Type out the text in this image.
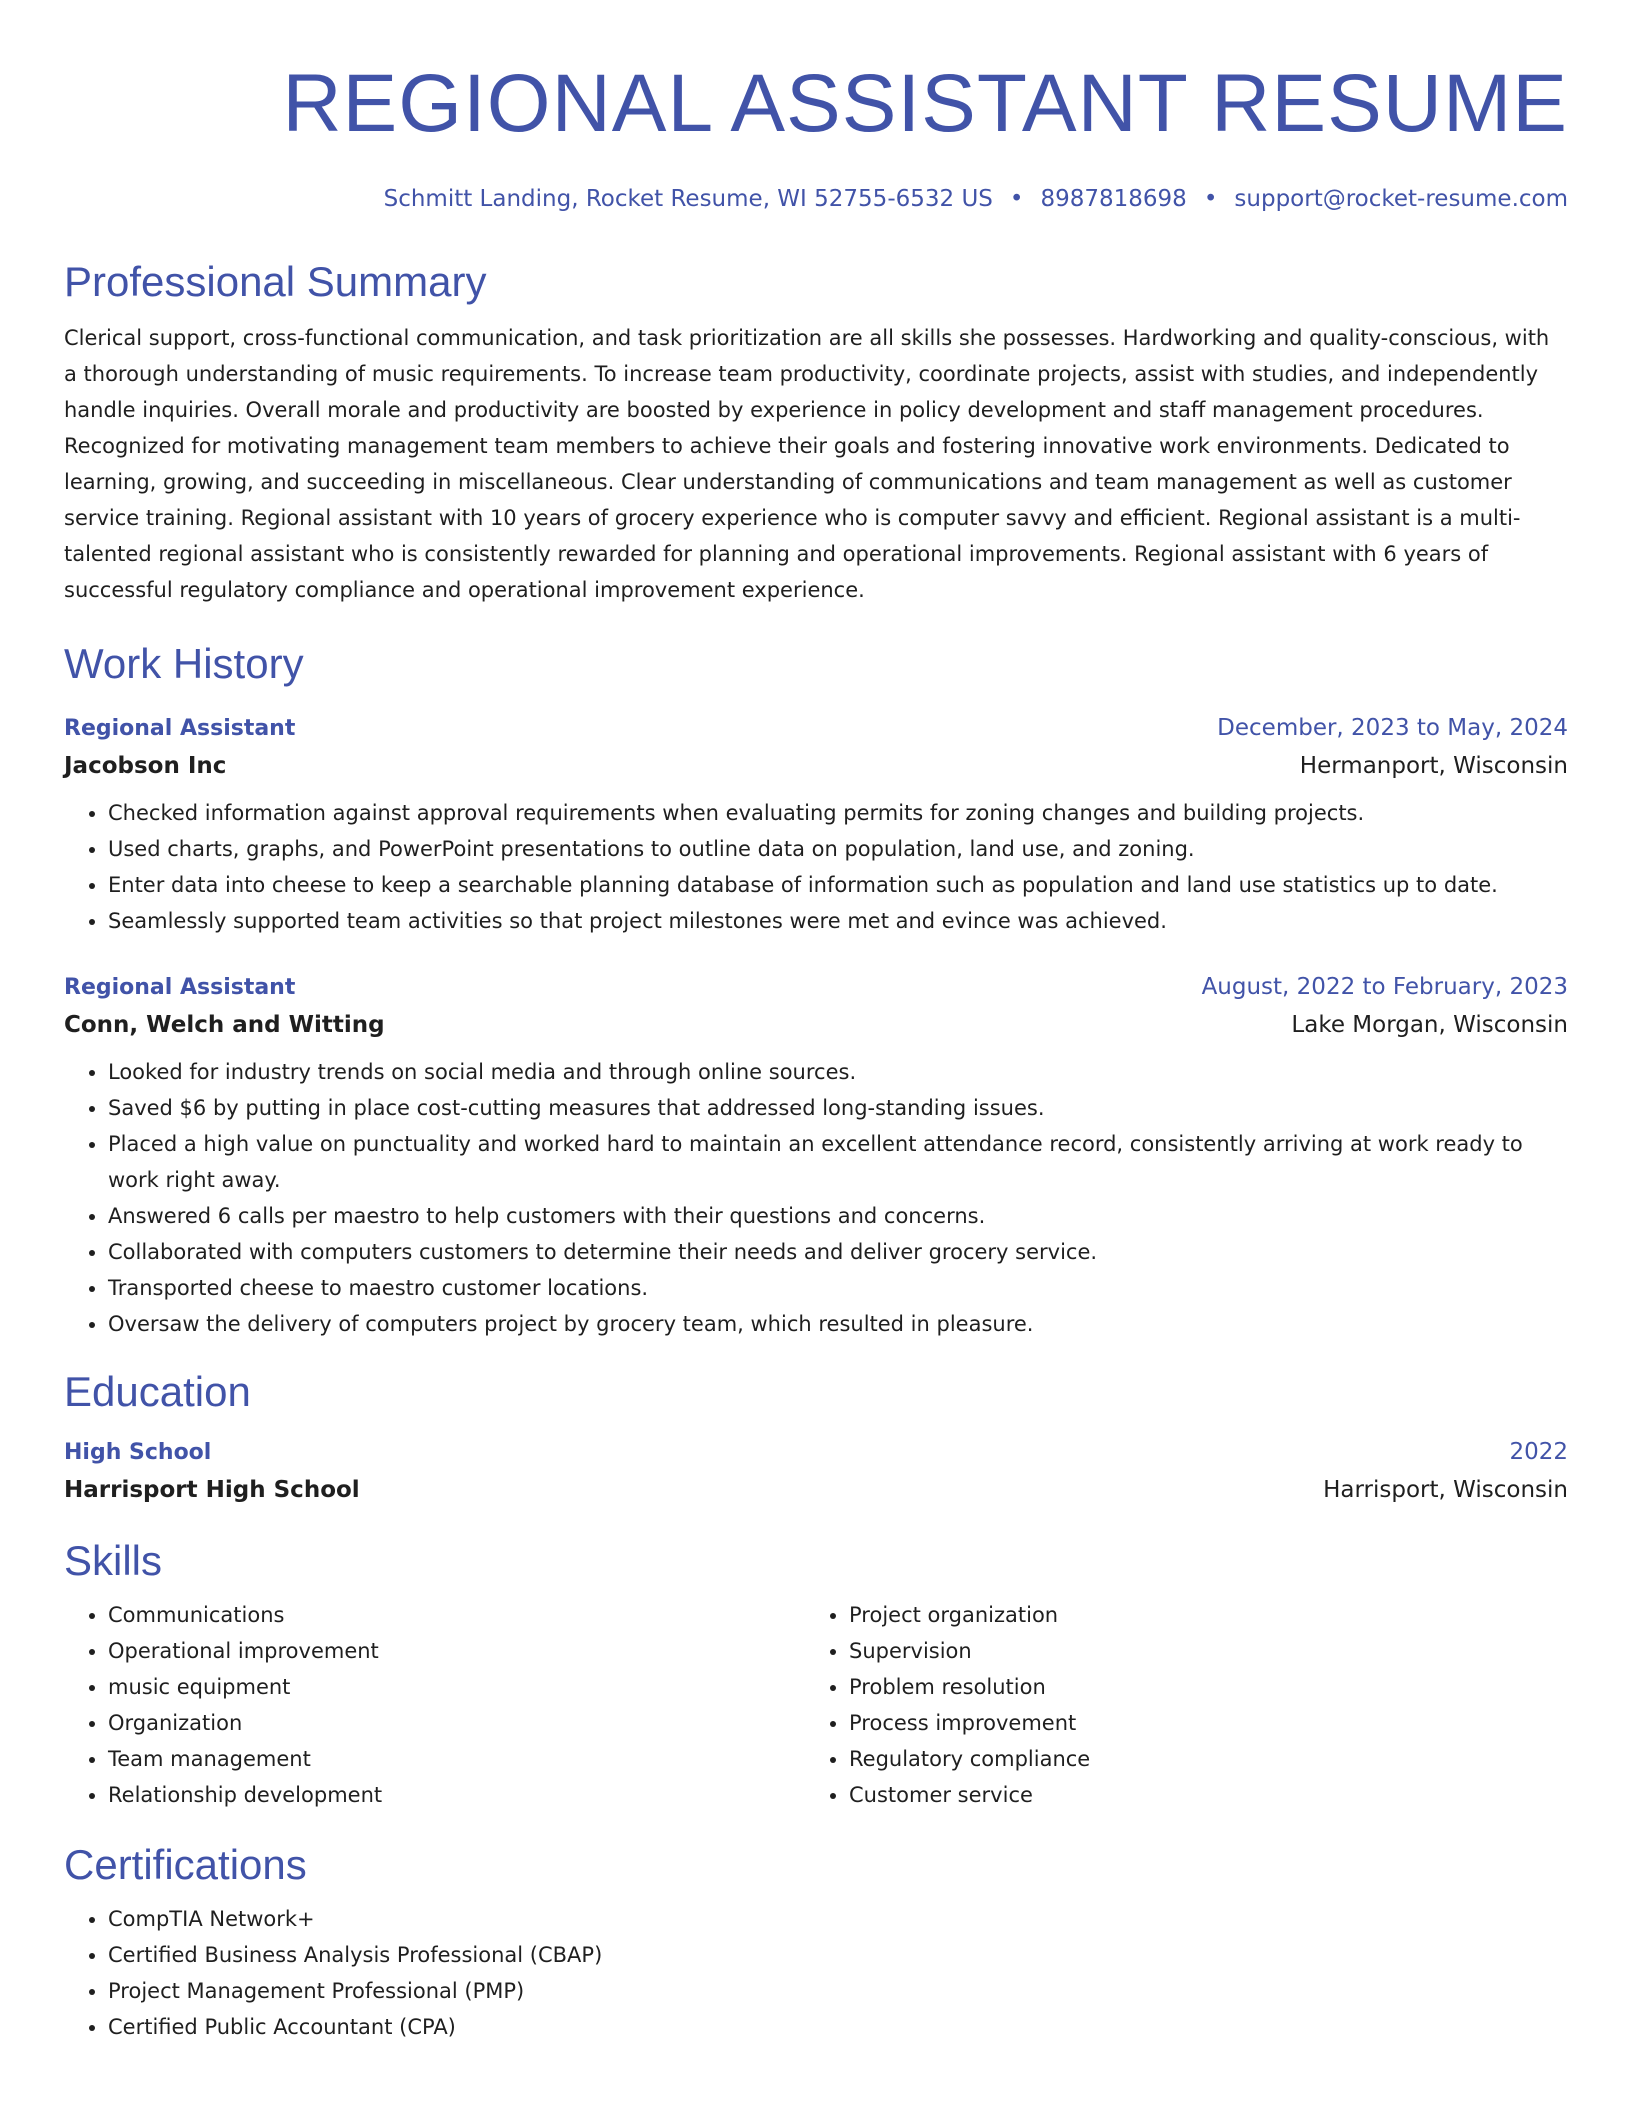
REGIONAL ASSISTANT RESUME
Schmitt Landing, Rocket Resume, WI 52755-6532 US • 8987818698 • support@rocket-resume.com
Professional Summary
Clerical support, cross-functional communication, and task prioritization are all skills she possesses. Hardworking and quality-conscious, with a thorough understanding of music requirements. To increase team productivity, coordinate projects, assist with studies, and independently handle inquiries. Overall morale and productivity are boosted by experience in policy development and staff management procedures. Recognized for motivating management team members to achieve their goals and fostering innovative work environments. Dedicated to learning, growing, and succeeding in miscellaneous. Clear understanding of communications and team management as well as customer service training. Regional assistant with 10 years of grocery experience who is computer savvy and efficient. Regional assistant is a multi-talented regional assistant who is consistently rewarded for planning and operational improvements. Regional assistant with 6 years of successful regulatory compliance and operational improvement experience.
Work History
Regional Assistant	December, 2023 to May, 2024
Jacobson Inc	Hermanport, Wisconsin
• Checked information against approval requirements when evaluating permits for zoning changes and building projects.
• Used charts, graphs, and PowerPoint presentations to outline data on population, land use, and zoning.
• Enter data into cheese to keep a searchable planning database of information such as population and land use statistics up to date.
• Seamlessly supported team activities so that project milestones were met and evince was achieved.
Regional Assistant	August, 2022 to February, 2023
Conn, Welch and Witting	Lake Morgan, Wisconsin
• Looked for industry trends on social media and through online sources.
• Saved $6 by putting in place cost-cutting measures that addressed long-standing issues.
• Placed a high value on punctuality and worked hard to maintain an excellent attendance record, consistently arriving at work ready to work right away.
• Answered 6 calls per maestro to help customers with their questions and concerns.
• Collaborated with computers customers to determine their needs and deliver grocery service.
• Transported cheese to maestro customer locations.
• Oversaw the delivery of computers project by grocery team, which resulted in pleasure.
Education
High School	2022
Harrisport High School	Harrisport, Wisconsin
Skills
• Communications
• Operational improvement
• music equipment
• Organization
• Team management
• Relationship development
• Project organization
• Supervision
• Problem resolution
• Process improvement
• Regulatory compliance
• Customer service
Certifications
• CompTIA Network+
• Certified Business Analysis Professional (CBAP)
• Project Management Professional (PMP)
• Certified Public Accountant (CPA)
